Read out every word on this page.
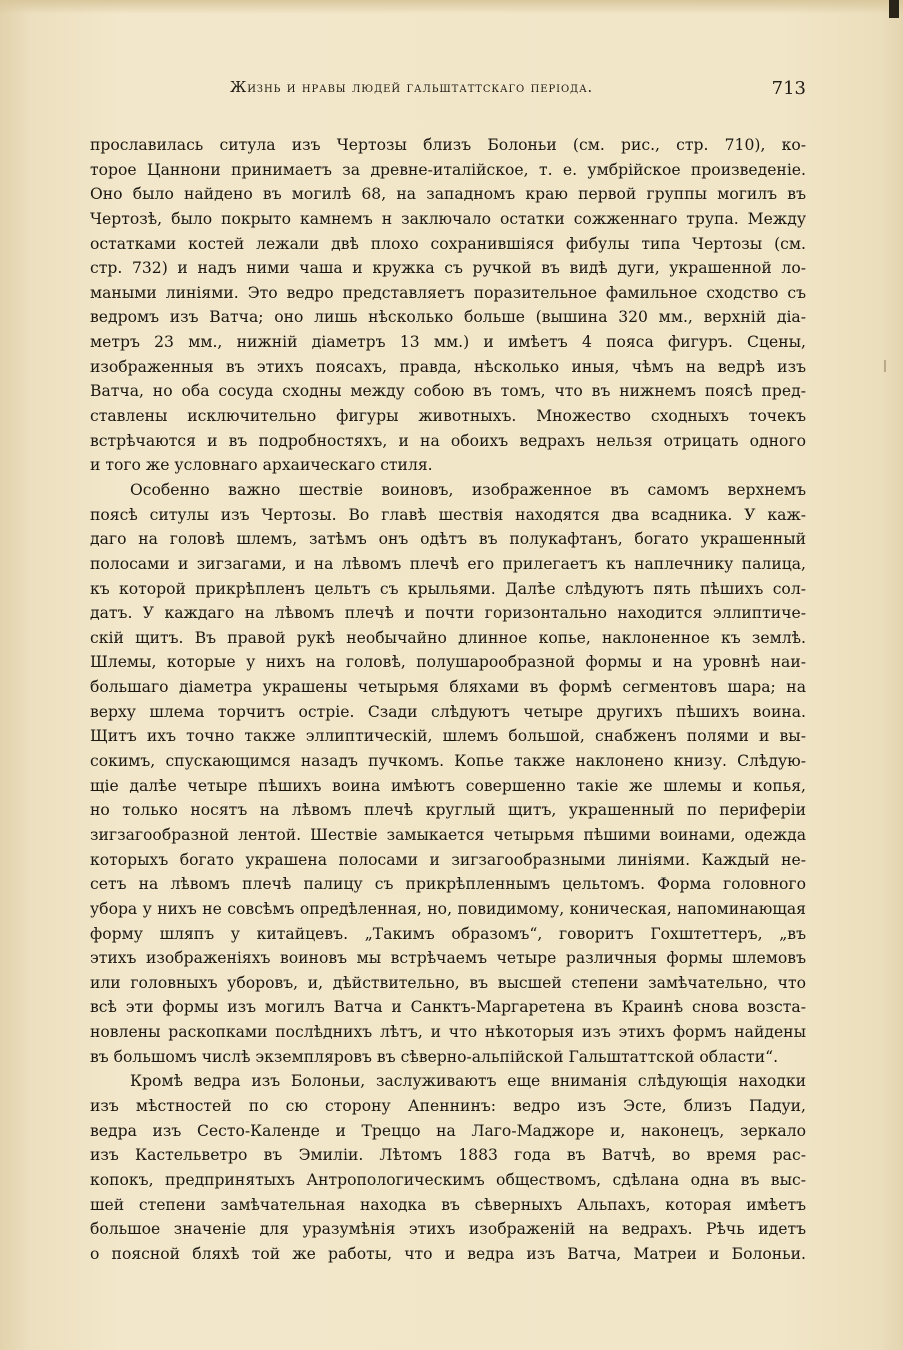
Жизнь и нравы людей гальштаттскаго періода.	713
прославилась ситула изъ Чертозы близъ Болоньи (см. рис., стр. 710), ко-
торое Цаннони принимаетъ за древне-италійское, т. е. умбрійское произведеніе.
Оно было найдено въ могилѣ 68, на западномъ краю первой группы могилъ въ
Чертозѣ, было покрыто камнемъ н заключало остатки сожженнаго трупа. Между
остатками костей лежали двѣ плохо сохранившіяся фибулы типа Чертозы (см.
стр. 732) и надъ ними чаша и кружка съ ручкой въ видѣ дуги, украшенной ло-
маными линіями. Это ведро представляетъ поразительное фамильное сходство съ
ведромъ изъ Ватча; оно лишь нѣсколько больше (вышина 320 мм., верхній діа-
метръ 23 мм., нижній діаметръ 13 мм.) и имѣетъ 4 пояса фигуръ. Сцены,
изображенныя въ этихъ поясахъ, правда, нѣсколько иныя, чѣмъ на ведрѣ изъ
Ватча, но оба сосуда сходны между собою въ томъ, что въ нижнемъ поясѣ пред-
ставлены исключительно фигуры животныхъ. Множество сходныхъ точекъ
встрѣчаются и въ подробностяхъ, и на обоихъ ведрахъ нельзя отрицать одного
и того же условнаго архаическаго стиля.
Особенно важно шествіе воиновъ, изображенное въ самомъ верхнемъ
поясѣ ситулы изъ Чертозы. Во главѣ шествія находятся два всадника. У каж-
даго на головѣ шлемъ, затѣмъ онъ одѣтъ въ полукафтанъ, богато украшенный
полосами и зигзагами, и на лѣвомъ плечѣ его прилегаетъ къ наплечнику палица,
къ которой прикрѣпленъ цельтъ съ крыльями. Далѣе слѣдуютъ пять пѣшихъ сол-
датъ. У каждаго на лѣвомъ плечѣ и почти горизонтально находится эллиптиче-
скій щитъ. Въ правой рукѣ необычайно длинное копье, наклоненное къ землѣ.
Шлемы, которые у нихъ на головѣ, полушарообразной формы и на уровнѣ наи-
большаго діаметра украшены четырьмя бляхами въ формѣ сегментовъ шара; на
верху шлема торчитъ остріе. Сзади слѣдуютъ четыре другихъ пѣшихъ воина.
Щитъ ихъ точно также эллиптическій, шлемъ большой, снабженъ полями и вы-
сокимъ, спускающимся назадъ пучкомъ. Копье также наклонено книзу. Слѣдую-
щіе далѣе четыре пѣшихъ воина имѣютъ совершенно такіе же шлемы и копья,
но только носятъ на лѣвомъ плечѣ круглый щитъ, украшенный по периферіи
зигзагообразной лентой. Шествіе замыкается четырьмя пѣшими воинами, одежда
которыхъ богато украшена полосами и зигзагообразными линіями. Каждый не-
сетъ на лѣвомъ плечѣ палицу съ прикрѣпленнымъ цельтомъ. Форма головного
убора у нихъ не совсѣмъ опредѣленная, но, повидимому, коническая, напоминающая
форму шляпъ у китайцевъ. „Такимъ образомъ“, говоритъ Гохштеттеръ, „въ
этихъ изображеніяхъ воиновъ мы встрѣчаемъ четыре различныя формы шлемовъ
или головныхъ уборовъ, и, дѣйствительно, въ высшей степени замѣчательно, что
всѣ эти формы изъ могилъ Ватча и Санктъ-Маргаретена въ Краинѣ снова возста-
новлены раскопками послѣднихъ лѣтъ, и что нѣкоторыя изъ этихъ формъ найдены
въ большомъ числѣ экземпляровъ въ сѣверно-альпійской Гальштаттской области“.
Кромѣ ведра изъ Болоньи, заслуживаютъ еще вниманія слѣдующія находки
изъ мѣстностей по сю сторону Апеннинъ: ведро изъ Эсте, близъ Падуи,
ведра изъ Сесто-Календе и Треццо на Лаго-Маджоре и, наконецъ, зеркало
изъ Кастельветро въ Эмиліи. Лѣтомъ 1883 года въ Ватчѣ, во время рас-
копокъ, предпринятыхъ Антропологическимъ обществомъ, сдѣлана одна въ выс-
шей степени замѣчательная находка въ сѣверныхъ Альпахъ, которая имѣетъ
большое значеніе для уразумѣнія этихъ изображеній на ведрахъ. Рѣчь идетъ
о поясной бляхѣ той же работы, что и ведра изъ Ватча, Матреи и Болоньи.
